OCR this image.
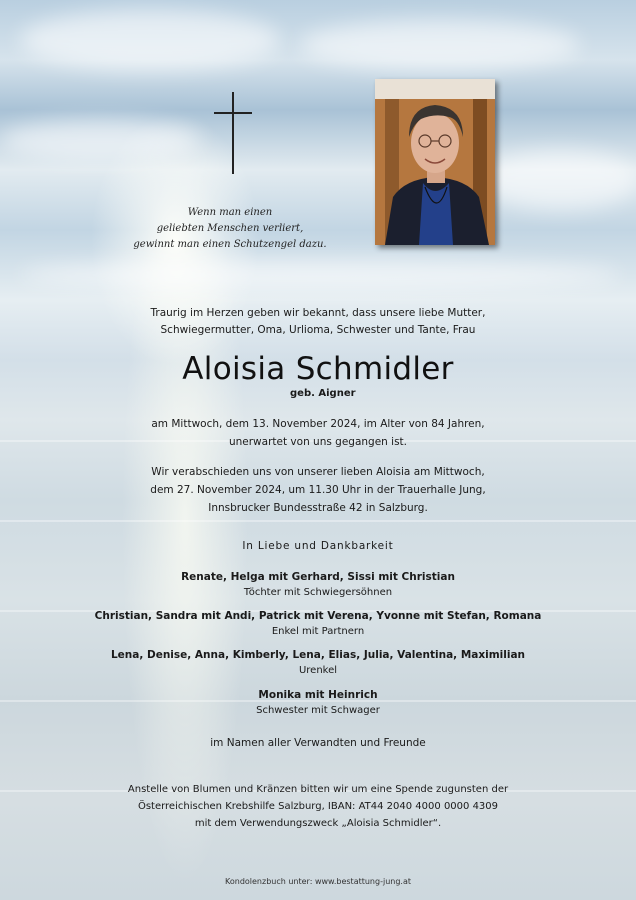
Wenn man einen
geliebten Menschen verliert,
gewinnt man einen Schutzengel dazu.
Traurig im Herzen geben wir bekannt, dass unsere liebe Mutter,
Schwiegermutter, Oma, Urlioma, Schwester und Tante, Frau
Aloisia Schmidler
geb. Aigner
am Mittwoch, dem 13. November 2024, im Alter von 84 Jahren,
unerwartet von uns gegangen ist.
Wir verabschieden uns von unserer lieben Aloisia am Mittwoch,
dem 27. November 2024, um 11.30 Uhr in der Trauerhalle Jung,
Innsbrucker Bundesstraße 42 in Salzburg.
In Liebe und Dankbarkeit
Renate, Helga mit Gerhard, Sissi mit Christian
Töchter mit Schwiegersöhnen
Christian, Sandra mit Andi, Patrick mit Verena, Yvonne mit Stefan, Romana
Enkel mit Partnern
Lena, Denise, Anna, Kimberly, Lena, Elias, Julia, Valentina, Maximilian
Urenkel
Monika mit Heinrich
Schwester mit Schwager
im Namen aller Verwandten und Freunde
Anstelle von Blumen und Kränzen bitten wir um eine Spende zugunsten der
Österreichischen Krebshilfe Salzburg, IBAN: AT44 2040 4000 0000 4309
mit dem Verwendungszweck „Aloisia Schmidler“.
Kondolenzbuch unter: www.bestattung-jung.at
